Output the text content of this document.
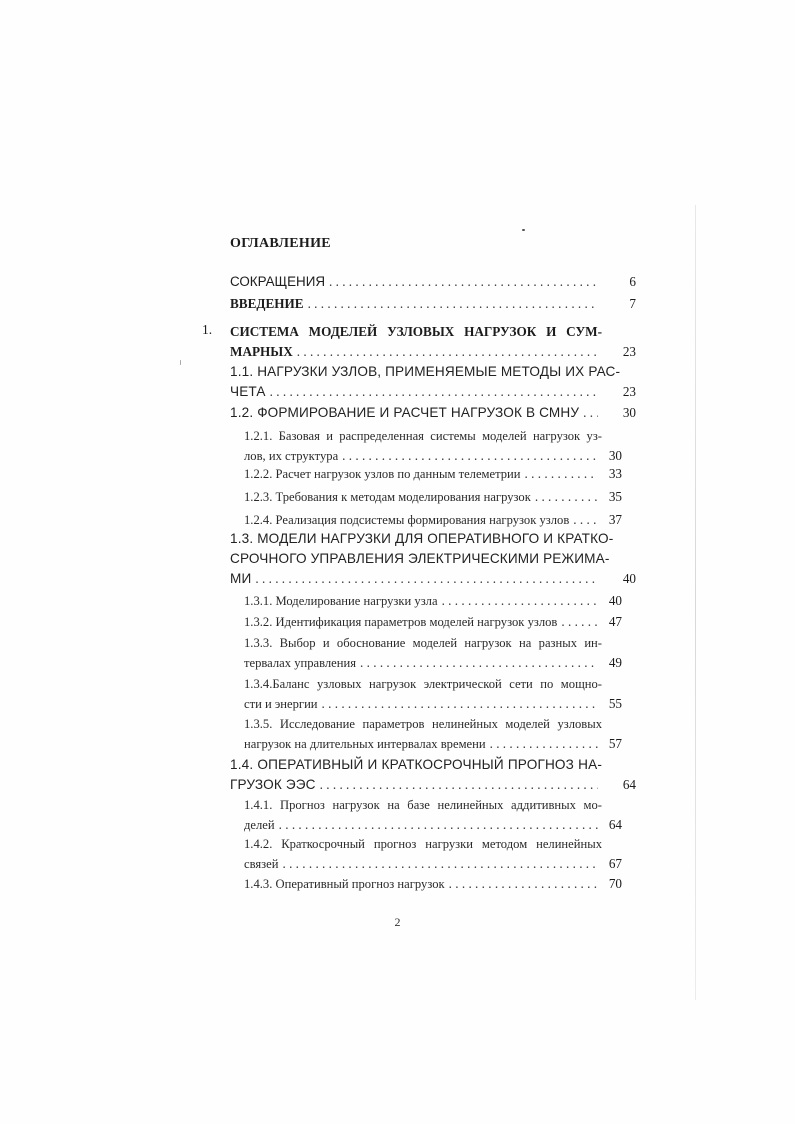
ОГЛАВЛЕНИЕ
СОКРАЩЕНИЯ . . .	6
ВВЕДЕНИЕ . . .	7
1. СИСТЕМА МОДЕЛЕЙ УЗЛОВЫХ НАГРУЗОК И СУМ-
МАРНЫХ . . .	23
1.1. НАГРУЗКИ УЗЛОВ, ПРИМЕНЯЕМЫЕ МЕТОДЫ ИХ РАС-
ЧЕТА . . .	23
1.2. ФОРМИРОВАНИЕ И РАСЧЕТ НАГРУЗОК В СМНУ . . .	30
1.2.1. Базовая и распределенная системы моделей нагрузок уз-
лов, их структура . . .	30
1.2.2. Расчет нагрузок узлов по данным телеметрии . . .	33
1.2.3. Требования к методам моделирования нагрузок . . .	35
1.2.4. Реализация подсистемы формирования нагрузок узлов . . .	37
1.3. МОДЕЛИ НАГРУЗКИ ДЛЯ ОПЕРАТИВНОГО И КРАТКО-
СРОЧНОГО УПРАВЛЕНИЯ ЭЛЕКТРИЧЕСКИМИ РЕЖИМА-
МИ . . .	40
1.3.1. Моделирование нагрузки узла . . .	40
1.3.2. Идентификация параметров моделей нагрузок узлов . . .	47
1.3.3. Выбор и обоснование моделей нагрузок на разных ин-
тервалах управления . . .	49
1.3.4.Баланс узловых нагрузок электрической сети по мощно-
сти и энергии . . .	55
1.3.5. Исследование параметров нелинейных моделей узловых
нагрузок на длительных интервалах времени . . .	57
1.4. ОПЕРАТИВНЫЙ И КРАТКОСРОЧНЫЙ ПРОГНОЗ НА-
ГРУЗОК ЭЭС . . .	64
1.4.1. Прогноз нагрузок на базе нелинейных аддитивных мо-
делей . . .	64
1.4.2. Краткосрочный прогноз нагрузки методом нелинейных
связей . . .	67
1.4.3. Оперативный прогноз нагрузок . . .	70
2
